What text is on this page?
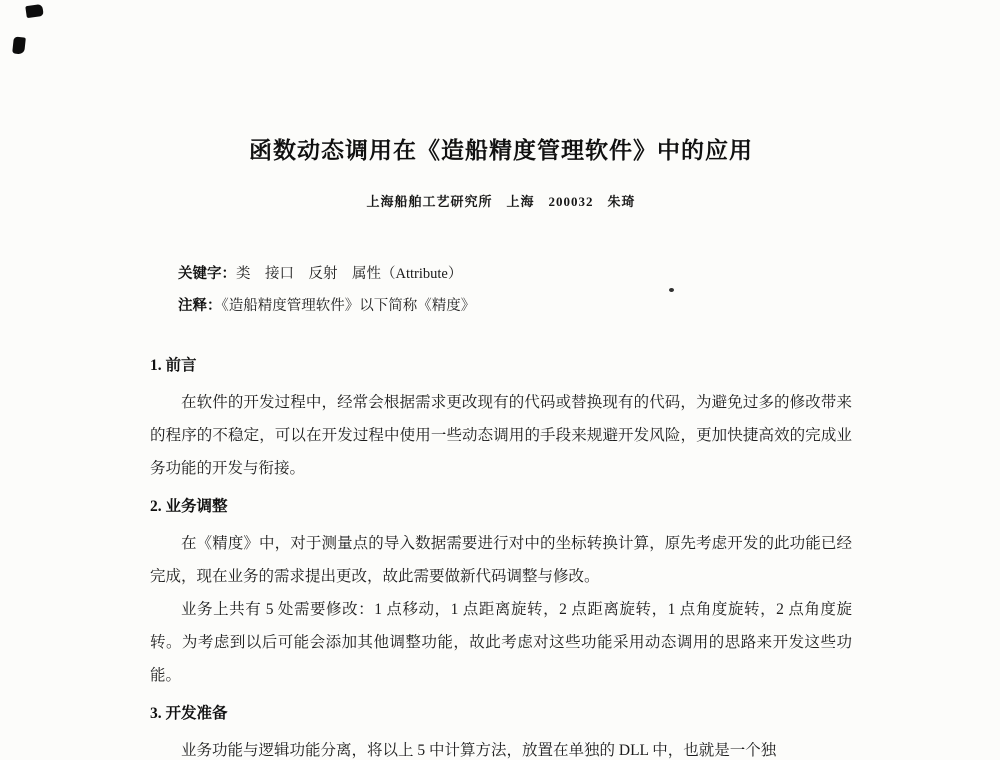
函数动态调用在《造船精度管理软件》中的应用
上海船舶工艺研究所　上海　200032　朱琦

关键字：类　接口　反射　属性（Attribute）

注释：《造船精度管理软件》以下简称《精度》

1. 前言

在软件的开发过程中，经常会根据需求更改现有的代码或替换现有的代码，为避免过多的修改带来的程序的不稳定，可以在开发过程中使用一些动态调用的手段来规避开发风险，更加快捷高效的完成业务功能的开发与衔接。

2. 业务调整

在《精度》中，对于测量点的导入数据需要进行对中的坐标转换计算，原先考虑开发的此功能已经完成，现在业务的需求提出更改，故此需要做新代码调整与修改。

业务上共有 5 处需要修改：1 点移动，1 点距离旋转，2 点距离旋转，1 点角度旋转，2 点角度旋转。为考虑到以后可能会添加其他调整功能，故此考虑对这些功能采用动态调用的思路来开发这些功能。

3. 开发准备

业务功能与逻辑功能分离，将以上 5 中计算方法，放置在单独的 DLL 中，也就是一个独
